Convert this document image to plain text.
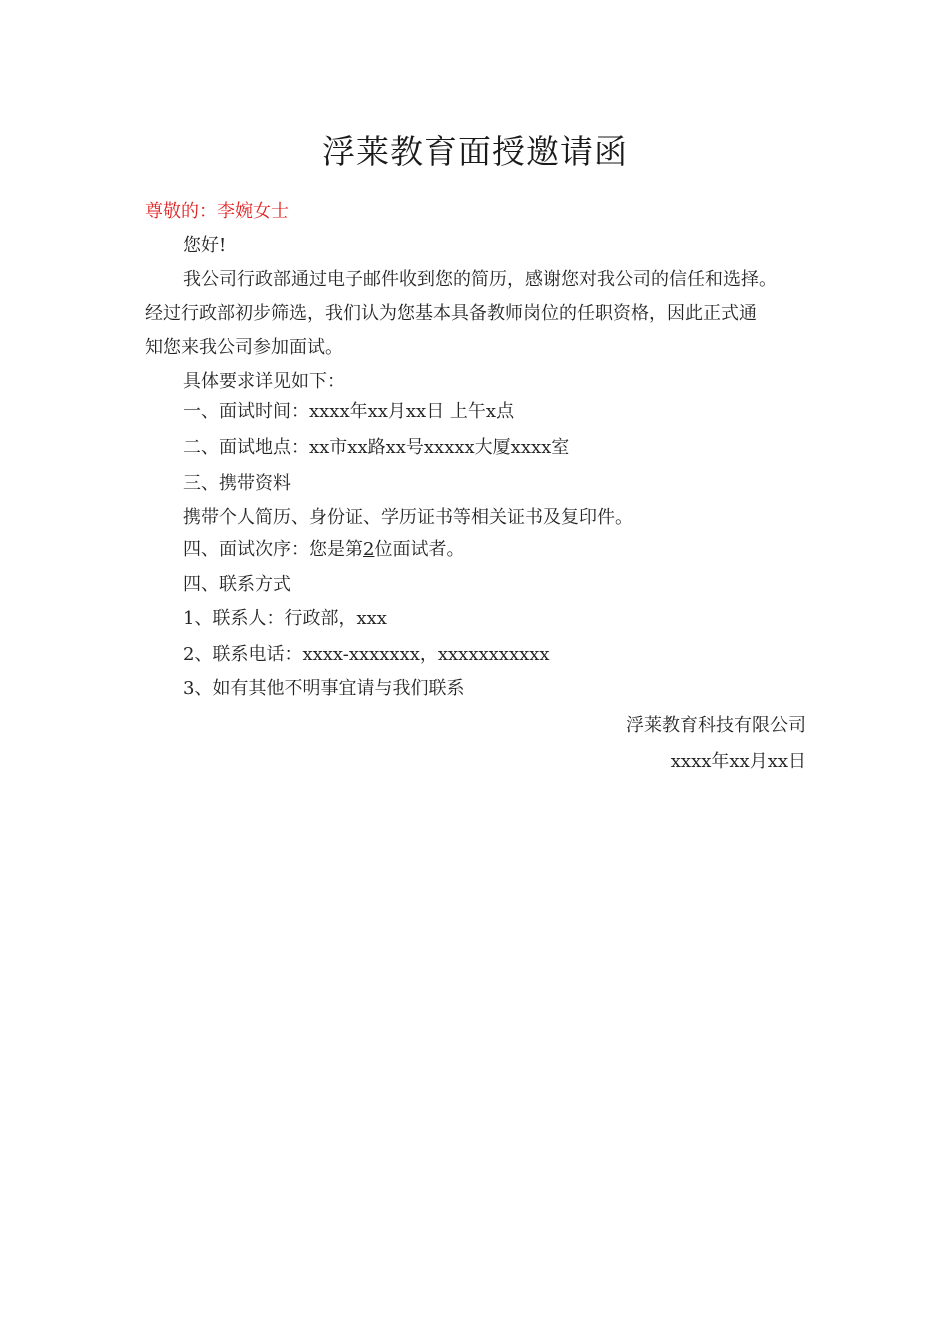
浮莱教育面授邀请函
尊敬的：李婉女士
您好!
我公司行政部通过电子邮件收到您的简历，感谢您对我公司的信任和选择。
经过行政部初步筛选，我们认为您基本具备教师岗位的任职资格，因此正式通
知您来我公司参加面试。
具体要求详见如下：
一、面试时间：xxxx年xx月xx日 上午x点
二、面试地点：xx市xx路xx号xxxxx大厦xxxx室
三、携带资料
携带个人简历、身份证、学历证书等相关证书及复印件。
四、面试次序：您是第2位面试者。
四、联系方式
1、联系人：行政部，xxx
2、联系电话：xxxx-xxxxxxx，xxxxxxxxxxx
3、如有其他不明事宜请与我们联系
浮莱教育科技有限公司
xxxx年xx月xx日
